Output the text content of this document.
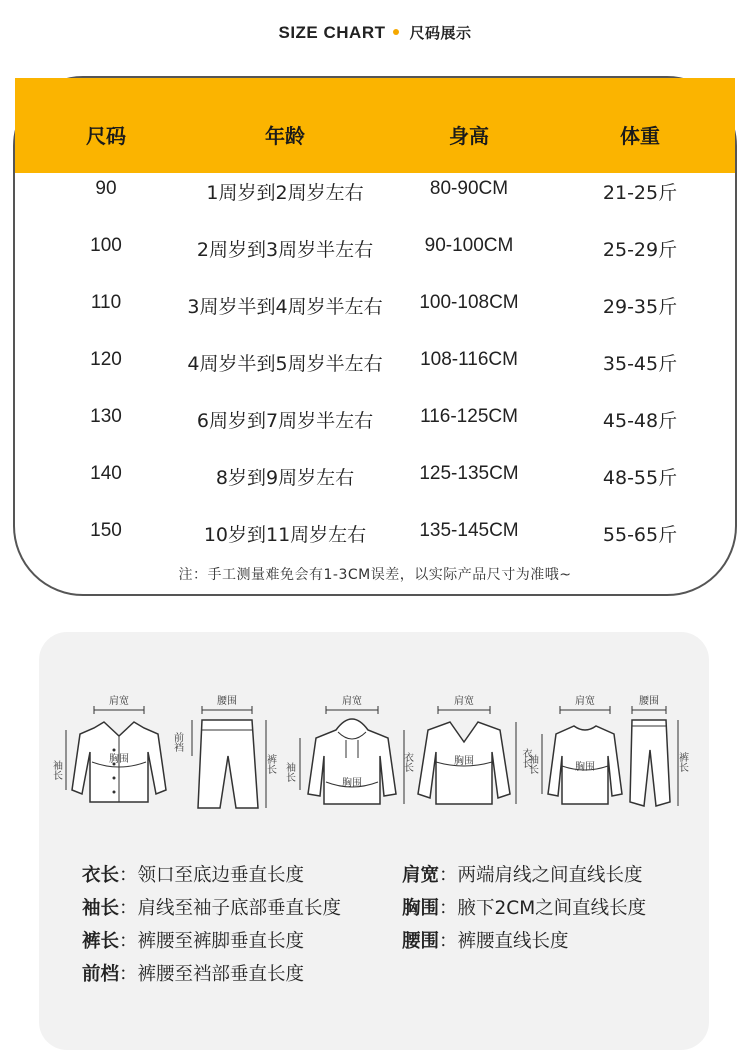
SIZE CHART 尺码展示
尺码	年龄	身高	体重
90	1周岁到2周岁左右	80-90CM	21-25斤
100	2周岁到3周岁半左右	90-100CM	25-29斤
110	3周岁半到4周岁半左右	100-108CM	29-35斤
120	4周岁半到5周岁半左右	108-116CM	35-45斤
130	6周岁到7周岁半左右	116-125CM	45-48斤
140	8岁到9周岁左右	125-135CM	48-55斤
150	10岁到11周岁左右	135-145CM	55-65斤
注：手工测量难免会有1-3CM误差，以实际产品尺寸为准哦~
肩宽
胸围
袖长
腰围
前裆
裤长
肩宽
胸围
袖长	衣长
肩宽
胸围	衣长
肩宽
胸围
袖长
腰围
裤长
衣长：领口至底边垂直长度
袖长：肩线至袖子底部垂直长度
裤长：裤腰至裤脚垂直长度
前档：裤腰至裆部垂直长度
肩宽：两端肩线之间直线长度
胸围：腋下2CM之间直线长度
腰围：裤腰直线长度
